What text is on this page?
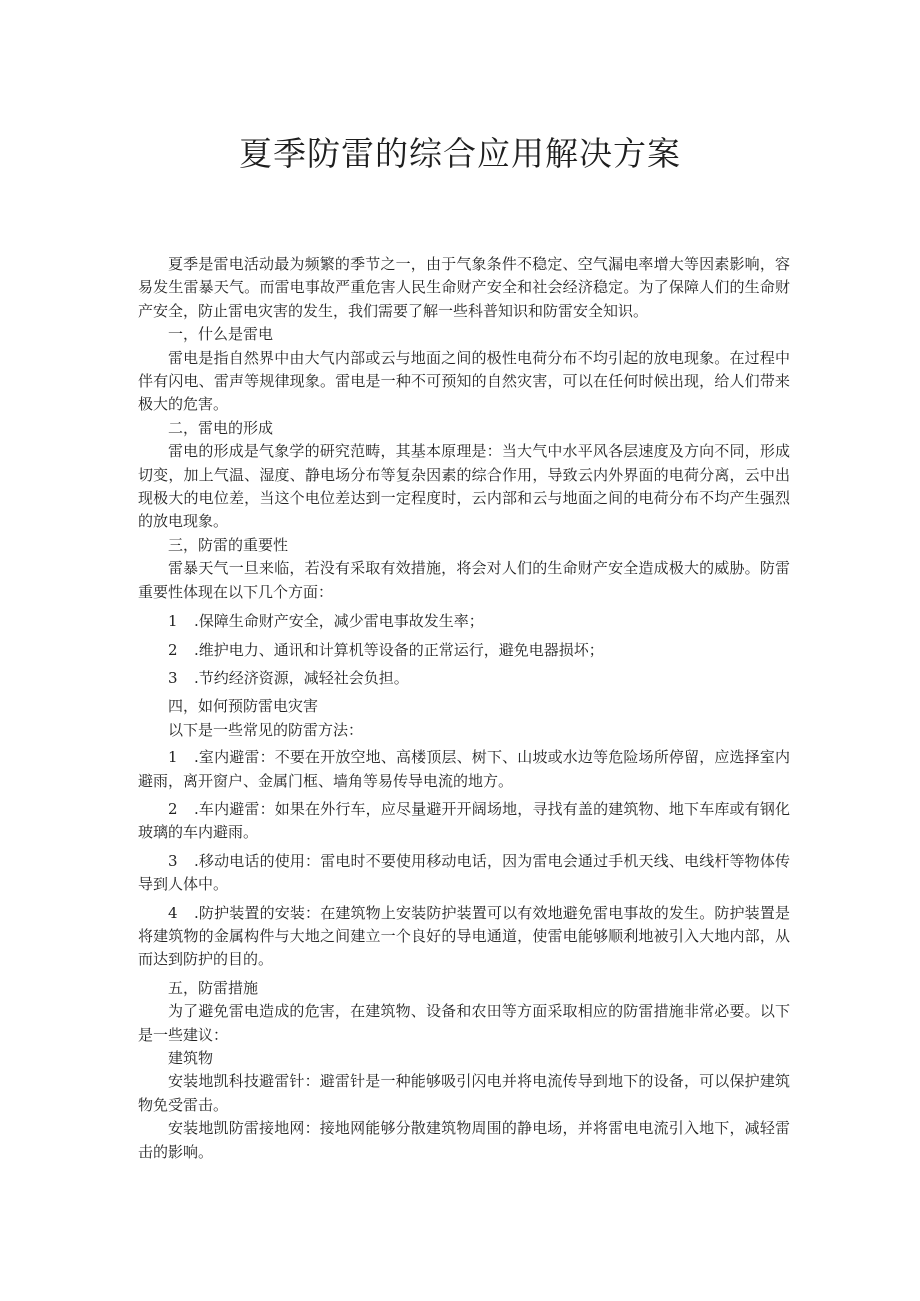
夏季防雷的综合应用解决方案

夏季是雷电活动最为频繁的季节之一，由于气象条件不稳定、空气漏电率增大等因素影响，容易发生雷暴天气。而雷电事故严重危害人民生命财产安全和社会经济稳定。为了保障人们的生命财产安全，防止雷电灾害的发生，我们需要了解一些科普知识和防雷安全知识。

一，什么是雷电

雷电是指自然界中由大气内部或云与地面之间的极性电荷分布不均引起的放电现象。在过程中伴有闪电、雷声等规律现象。雷电是一种不可预知的自然灾害，可以在任何时候出现，给人们带来极大的危害。

二，雷电的形成

雷电的形成是气象学的研究范畴，其基本原理是：当大气中水平风各层速度及方向不同，形成切变，加上气温、湿度、静电场分布等复杂因素的综合作用，导致云内外界面的电荷分离，云中出现极大的电位差，当这个电位差达到一定程度时，云内部和云与地面之间的电荷分布不均产生强烈的放电现象。

三，防雷的重要性

雷暴天气一旦来临，若没有采取有效措施，将会对人们的生命财产安全造成极大的威胁。防雷重要性体现在以下几个方面：

1 .保障生命财产安全，减少雷电事故发生率；

2 .维护电力、通讯和计算机等设备的正常运行，避免电器损坏；

3 .节约经济资源，减轻社会负担。

四，如何预防雷电灾害

以下是一些常见的防雷方法：

1 .室内避雷：不要在开放空地、高楼顶层、树下、山坡或水边等危险场所停留，应选择室内避雨，离开窗户、金属门框、墙角等易传导电流的地方。

2 .车内避雷：如果在外行车，应尽量避开开阔场地，寻找有盖的建筑物、地下车库或有钢化玻璃的车内避雨。

3 .移动电话的使用：雷电时不要使用移动电话，因为雷电会通过手机天线、电线杆等物体传导到人体中。

4 .防护装置的安装：在建筑物上安装防护装置可以有效地避免雷电事故的发生。防护装置是将建筑物的金属构件与大地之间建立一个良好的导电通道，使雷电能够顺利地被引入大地内部，从而达到防护的目的。

五，防雷措施

为了避免雷电造成的危害，在建筑物、设备和农田等方面采取相应的防雷措施非常必要。以下是一些建议：

建筑物

安装地凯科技避雷针：避雷针是一种能够吸引闪电并将电流传导到地下的设备，可以保护建筑物免受雷击。

安装地凯防雷接地网：接地网能够分散建筑物周围的静电场，并将雷电电流引入地下，减轻雷击的影响。
